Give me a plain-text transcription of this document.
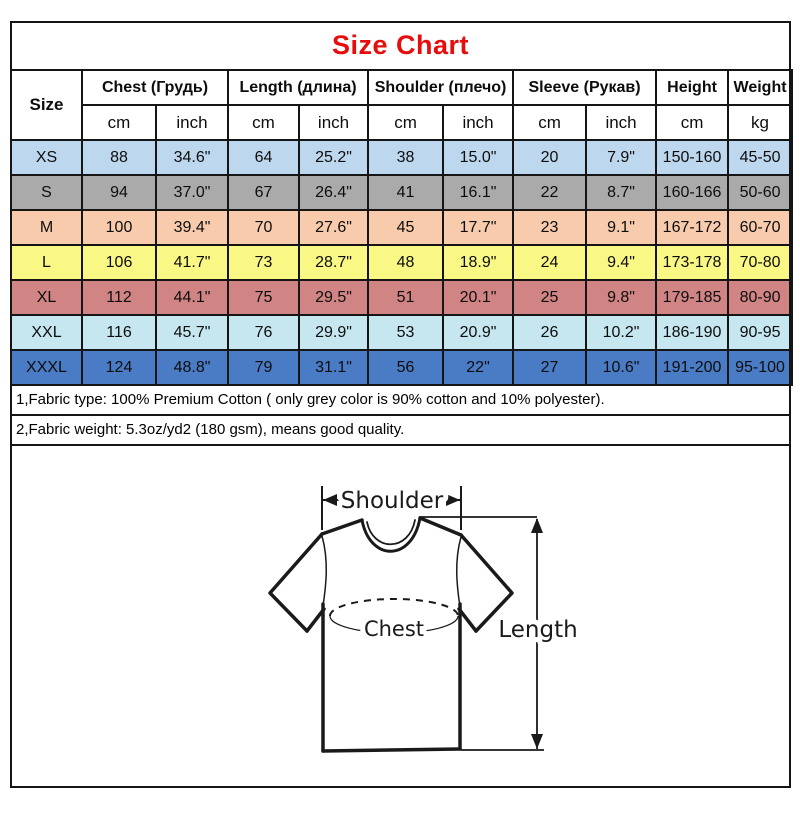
Size Chart
Size	Chest (Грудь)		Length (длина)		Shoulder (плечо)		Sleeve (Рукав)		Height	Weight
	cm	inch	cm	inch	cm	inch	cm	inch	cm	kg
XS	88	34.6"	64	25.2"	38	15.0"	20	7.9"	150-160	45-50
S	94	37.0"	67	26.4"	41	16.1"	22	8.7"	160-166	50-60
M	100	39.4"	70	27.6"	45	17.7"	23	9.1"	167-172	60-70
L	106	41.7"	73	28.7"	48	18.9"	24	9.4"	173-178	70-80
XL	112	44.1"	75	29.5"	51	20.1"	25	9.8"	179-185	80-90
XXL	116	45.7"	76	29.9"	53	20.9"	26	10.2"	186-190	90-95
XXXL	124	48.8"	79	31.1"	56	22"	27	10.6"	191-200	95-100
1,Fabric type: 100% Premium Cotton ( only grey color is 90% cotton and 10% polyester).
2,Fabric weight: 5.3oz/yd2 (180 gsm), means good quality.
Shoulder
Chest	Length
